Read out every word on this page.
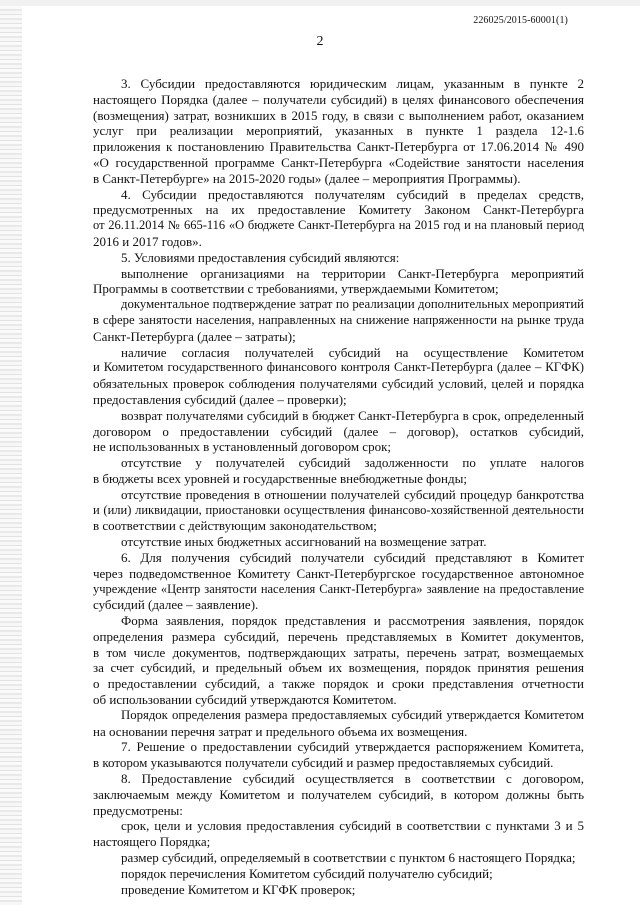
226025/2015-60001(1)
2
3. Субсидии предоставляются юридическим лицам, указанным в пункте 2
настоящего Порядка (далее – получатели субсидий) в целях финансового обеспечения
(возмещения) затрат, возникших в 2015 году, в связи с выполнением работ, оказанием
услуг при реализации мероприятий, указанных в пункте 1 раздела 12-1.6
приложения к постановлению Правительства Санкт-Петербурга от 17.06.2014 № 490
«О государственной программе Санкт-Петербурга «Содействие занятости населения
в Санкт-Петербурге» на 2015-2020 годы» (далее – мероприятия Программы).
4. Субсидии предоставляются получателям субсидий в пределах средств,
предусмотренных на их предоставление Комитету Законом Санкт-Петербурга
от 26.11.2014 № 665-116 «О бюджете Санкт-Петербурга на 2015 год и на плановый период
2016 и 2017 годов».
5. Условиями предоставления субсидий являются:
выполнение организациями на территории Санкт-Петербурга мероприятий
Программы в соответствии с требованиями, утверждаемыми Комитетом;
документальное подтверждение затрат по реализации дополнительных мероприятий
в сфере занятости населения, направленных на снижение напряженности на рынке труда
Санкт-Петербурга (далее – затраты);
наличие согласия получателей субсидий на осуществление Комитетом
и Комитетом государственного финансового контроля Санкт-Петербурга (далее – КГФК)
обязательных проверок соблюдения получателями субсидий условий, целей и порядка
предоставления субсидий (далее – проверки);
возврат получателями субсидий в бюджет Санкт-Петербурга в срок, определенный
договором о предоставлении субсидий (далее – договор), остатков субсидий,
не использованных в установленный договором срок;
отсутствие у получателей субсидий задолженности по уплате налогов
в бюджеты всех уровней и государственные внебюджетные фонды;
отсутствие проведения в отношении получателей субсидий процедур банкротства
и (или) ликвидации, приостановки осуществления финансово-хозяйственной деятельности
в соответствии с действующим законодательством;
отсутствие иных бюджетных ассигнований на возмещение затрат.
6. Для получения субсидий получатели субсидий представляют в Комитет
через подведомственное Комитету Санкт-Петербургское государственное автономное
учреждение «Центр занятости населения Санкт-Петербурга» заявление на предоставление
субсидий (далее – заявление).
Форма заявления, порядок представления и рассмотрения заявления, порядок
определения размера субсидий, перечень представляемых в Комитет документов,
в том числе документов, подтверждающих затраты, перечень затрат, возмещаемых
за счет субсидий, и предельный объем их возмещения, порядок принятия решения
о предоставлении субсидий, а также порядок и сроки представления отчетности
об использовании субсидий утверждаются Комитетом.
Порядок определения размера предоставляемых субсидий утверждается Комитетом
на основании перечня затрат и предельного объема их возмещения.
7. Решение о предоставлении субсидий утверждается распоряжением Комитета,
в котором указываются получатели субсидий и размер предоставляемых субсидий.
8. Предоставление субсидий осуществляется в соответствии с договором,
заключаемым между Комитетом и получателем субсидий, в котором должны быть
предусмотрены:
срок, цели и условия предоставления субсидий в соответствии с пунктами 3 и 5
настоящего Порядка;
размер субсидий, определяемый в соответствии с пунктом 6 настоящего Порядка;
порядок перечисления Комитетом субсидий получателю субсидий;
проведение Комитетом и КГФК проверок;
